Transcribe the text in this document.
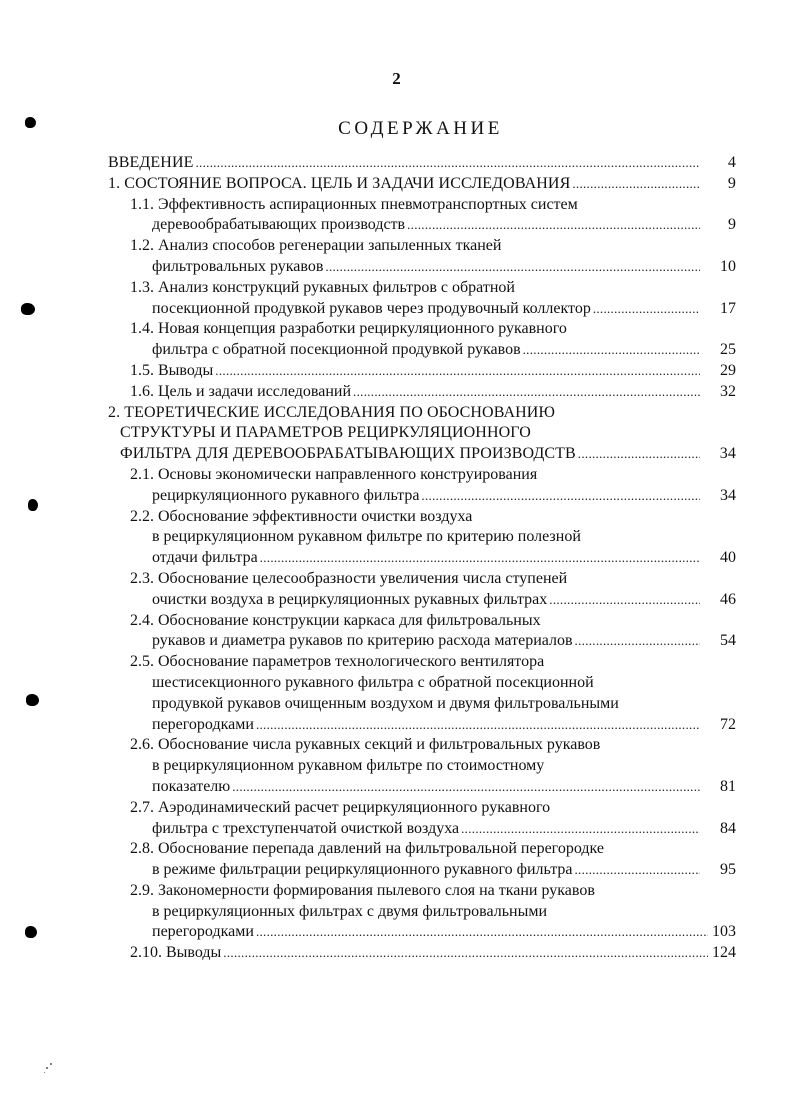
2
СОДЕРЖАНИЕ
ВВЕДЕНИЕ .....	4
1. СОСТОЯНИЕ ВОПРОСА. ЦЕЛЬ И ЗАДАЧИ ИССЛЕДОВАНИЯ .....	9
1.1. Эффективность аспирационных пневмотранспортных систем
деревообрабатывающих производств .....	9
1.2. Анализ способов регенерации запыленных тканей
фильтровальных рукавов .....	10
1.3. Анализ конструкций рукавных фильтров с обратной
посекционной продувкой рукавов через продувочный коллектор .....	17
1.4. Новая концепция разработки рециркуляционного рукавного
фильтра с обратной посекционной продувкой рукавов .....	25
1.5. Выводы .....	29
1.6. Цель и задачи исследований .....	32
2. ТЕОРЕТИЧЕСКИЕ ИССЛЕДОВАНИЯ ПО ОБОСНОВАНИЮ
СТРУКТУРЫ И ПАРАМЕТРОВ РЕЦИРКУЛЯЦИОННОГО
ФИЛЬТРА ДЛЯ ДЕРЕВООБРАБАТЫВАЮЩИХ ПРОИЗВОДСТВ .....	34
2.1. Основы экономически направленного конструирования
рециркуляционного рукавного фильтра .....	34
2.2. Обоснование эффективности очистки воздуха
в рециркуляционном рукавном фильтре по критерию полезной
отдачи фильтра .....	40
2.3. Обоснование целесообразности увеличения числа ступеней
очистки воздуха в рециркуляционных рукавных фильтрах .....	46
2.4. Обоснование конструкции каркаса для фильтровальных
рукавов и диаметра рукавов по критерию расхода материалов .....	54
2.5. Обоснование параметров технологического вентилятора
шестисекционного рукавного фильтра с обратной посекционной
продувкой рукавов очищенным воздухом и двумя фильтровальными
перегородками .....	72
2.6. Обоснование числа рукавных секций и фильтровальных рукавов
в рециркуляционном рукавном фильтре по стоимостному
показателю .....	81
2.7. Аэродинамический расчет рециркуляционного рукавного
фильтра с трехступенчатой очисткой воздуха .....	84
2.8. Обоснование перепада давлений на фильтровальной перегородке
в режиме фильтрации рециркуляционного рукавного фильтра .....	95
2.9. Закономерности формирования пылевого слоя на ткани рукавов
в рециркуляционных фильтрах с двумя фильтровальными
перегородками .....	103
2.10. Выводы .....	124
